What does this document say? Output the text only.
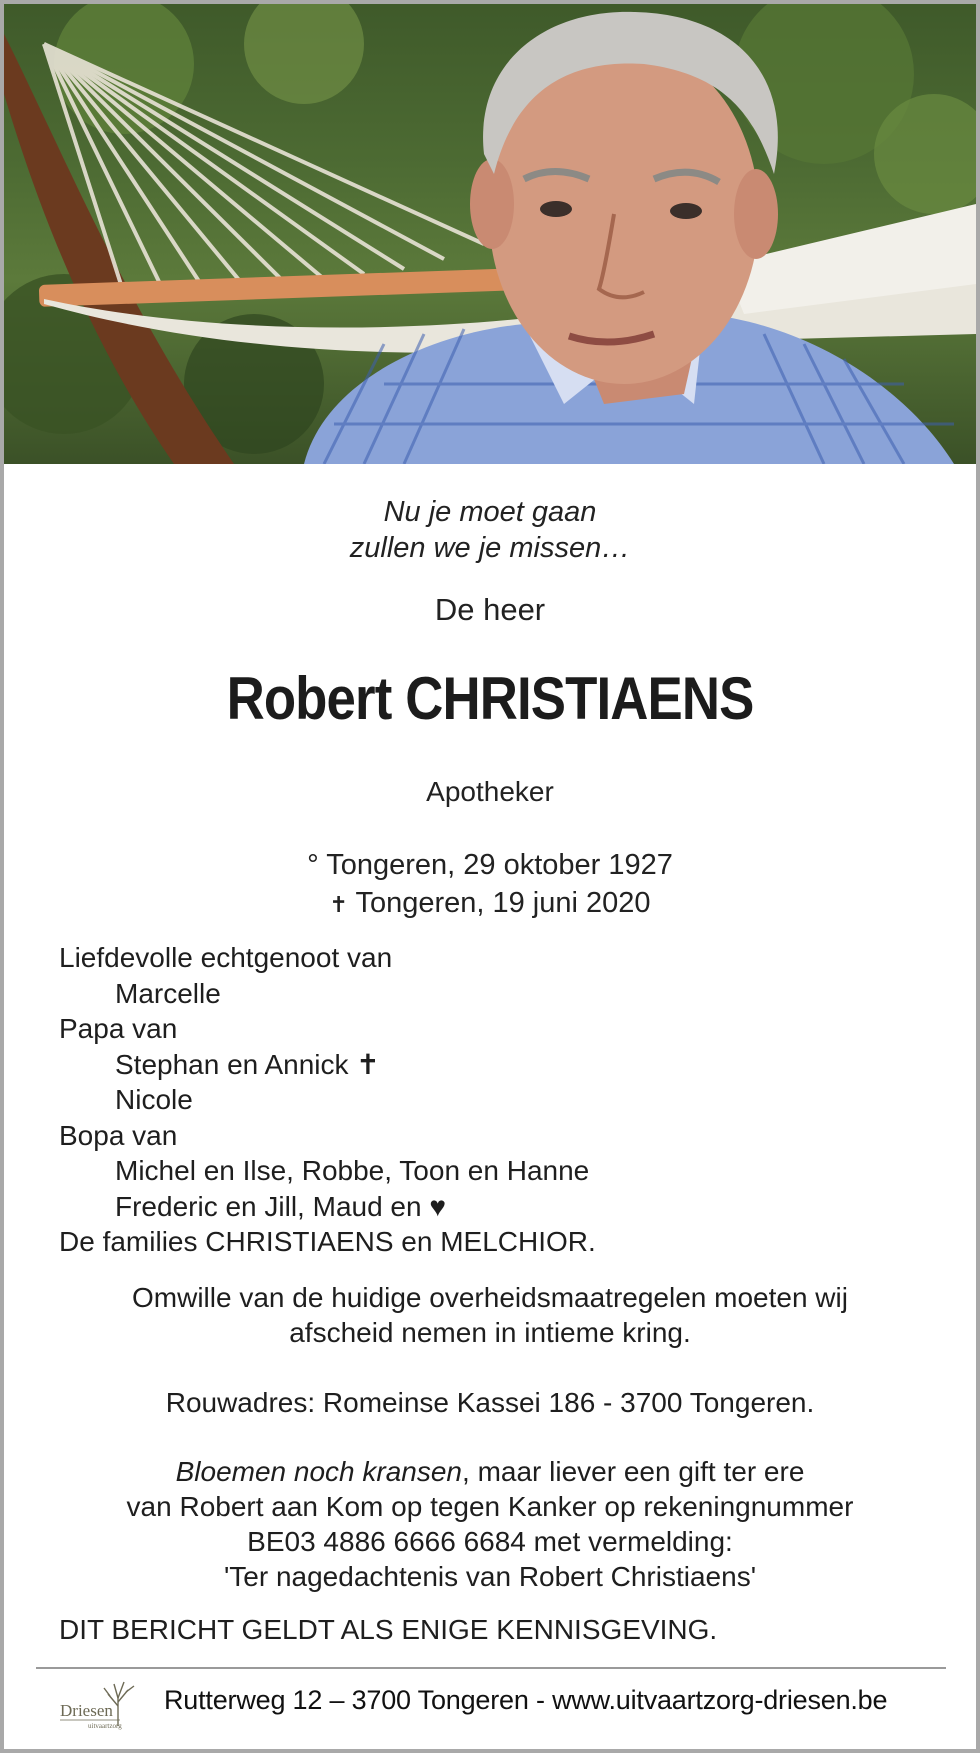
Nu je moet gaan
zullen we je missen…
De heer
Robert CHRISTIAENS
Apotheker
° Tongeren, 29 oktober 1927
✝ Tongeren, 19 juni 2020
Liefdevolle echtgenoot van
Marcelle
Papa van
Stephan en Annick ✝
Nicole
Bopa van
Michel en Ilse, Robbe, Toon en Hanne
Frederic en Jill, Maud en ♥
De families CHRISTIAENS en MELCHIOR.
Omwille van de huidige overheidsmaatregelen moeten wij
afscheid nemen in intieme kring.
Rouwadres: Romeinse Kassei 186 - 3700 Tongeren.
Bloemen noch kransen, maar liever een gift ter ere
van Robert aan Kom op tegen Kanker op rekeningnummer
BE03 4886 6666 6684 met vermelding:
'Ter nagedachtenis van Robert Christiaens'
DIT BERICHT GELDT ALS ENIGE KENNISGEVING.
Driesen
uitvaartzorg
Rutterweg 12 – 3700 Tongeren - www.uitvaartzorg-driesen.be
